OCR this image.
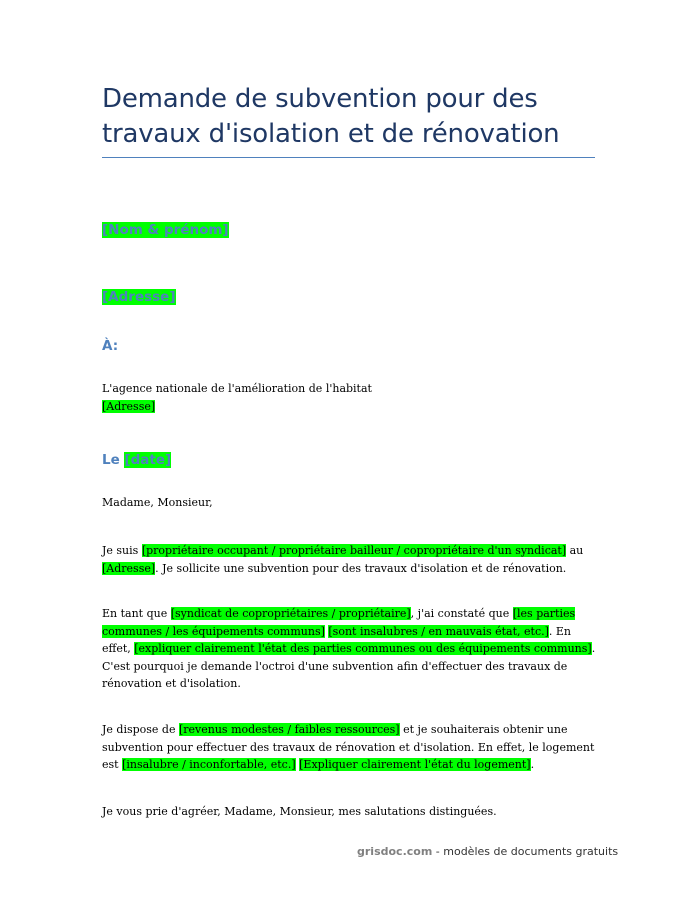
Demande de subvention pour des
travaux d'isolation et de rénovation

[Nom & prénom]

[Adresse]

À:

L'agence nationale de l'amélioration de l'habitat
[Adresse]

Le [date]

Madame, Monsieur,

Je suis [propriétaire occupant / propriétaire bailleur / copropriétaire d'un syndicat] au [Adresse]. Je sollicite une subvention pour des travaux d'isolation et de rénovation.

En tant que [syndicat de copropriétaires / propriétaire], j'ai constaté que [les parties communes / les équipements communs] [sont insalubres / en mauvais état, etc.]. En effet, [expliquer clairement l'état des parties communes ou des équipements communs]. C'est pourquoi je demande l'octroi d'une subvention afin d'effectuer des travaux de rénovation et d'isolation.

Je dispose de [revenus modestes / faibles ressources] et je souhaiterais obtenir une subvention pour effectuer des travaux de rénovation et d'isolation. En effet, le logement est [insalubre / inconfortable, etc.] [Expliquer clairement l'état du logement].

Je vous prie d'agréer, Madame, Monsieur, mes salutations distinguées.

grisdoc.com - modèles de documents gratuits
